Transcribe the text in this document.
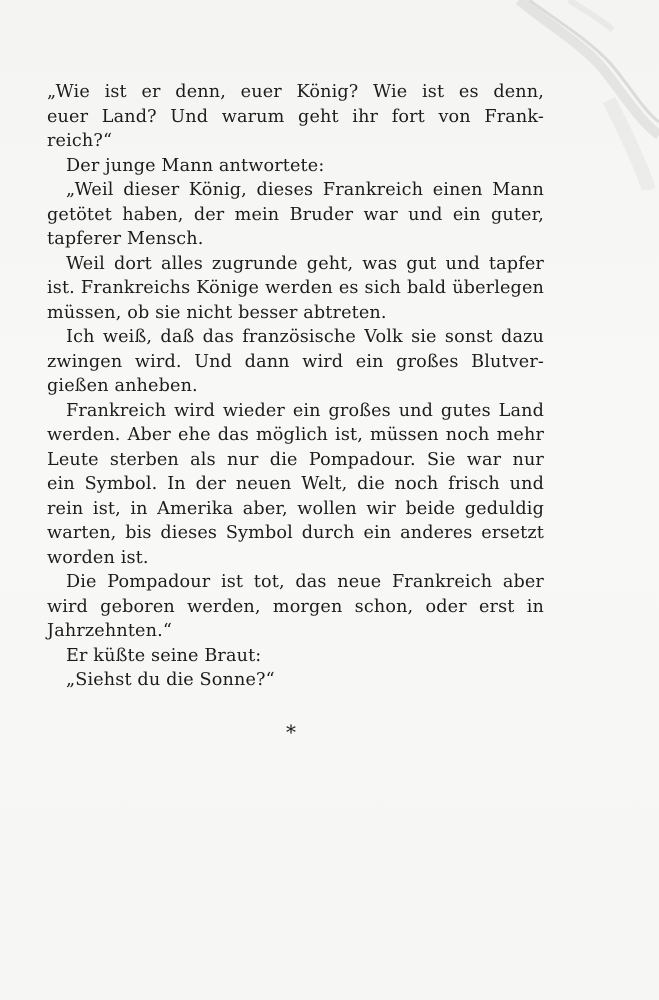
„Wie ist er denn, euer König? Wie ist es denn,
euer Land? Und warum geht ihr fort von Frank-
reich?“
Der junge Mann antwortete:
„Weil dieser König, dieses Frankreich einen Mann
getötet haben, der mein Bruder war und ein guter,
tapferer Mensch.
Weil dort alles zugrunde geht, was gut und tapfer
ist. Frankreichs Könige werden es sich bald überlegen
müssen, ob sie nicht besser abtreten.
Ich weiß, daß das französische Volk sie sonst dazu
zwingen wird. Und dann wird ein großes Blutver-
gießen anheben.
Frankreich wird wieder ein großes und gutes Land
werden. Aber ehe das möglich ist, müssen noch mehr
Leute sterben als nur die Pompadour. Sie war nur
ein Symbol. In der neuen Welt, die noch frisch und
rein ist, in Amerika aber, wollen wir beide geduldig
warten, bis dieses Symbol durch ein anderes ersetzt
worden ist.
Die Pompadour ist tot, das neue Frankreich aber
wird geboren werden, morgen schon, oder erst in
Jahrzehnten.“
Er küßte seine Braut:
„Siehst du die Sonne?“
*
